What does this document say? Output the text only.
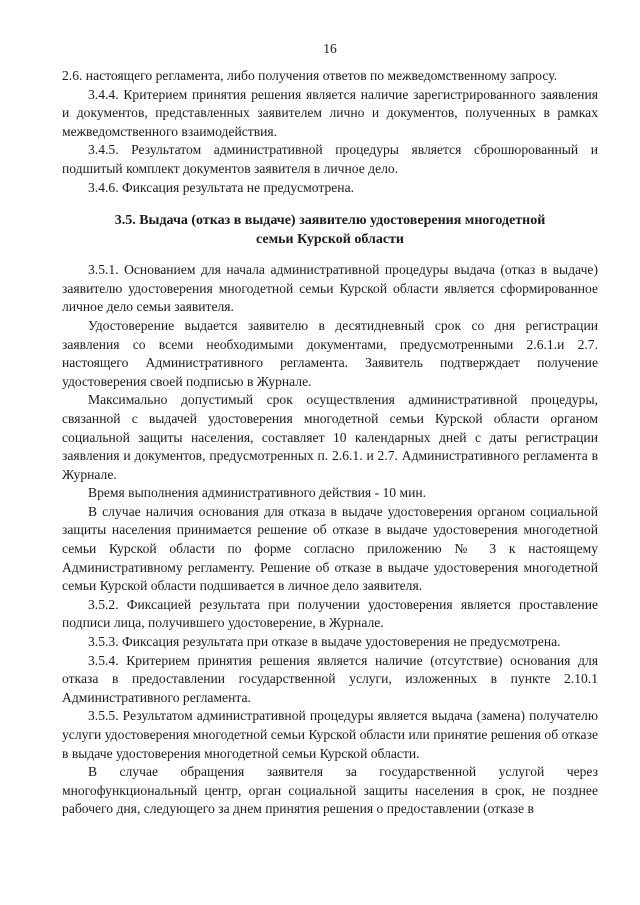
16

2.6. настоящего регламента, либо получения ответов по межведомственному запросу.

3.4.4. Критерием принятия решения является наличие зарегистрированного заявления и документов, представленных заявителем лично и документов, полученных в рамках межведомственного взаимодействия.

3.4.5. Результатом административной процедуры является сброшюрованный и подшитый комплект документов заявителя в личное дело.

3.4.6. Фиксация результата не предусмотрена.

3.5. Выдача (отказ в выдаче) заявителю удостоверения многодетной
семьи Курской области

3.5.1. Основанием для начала административной процедуры выдача (отказ в выдаче) заявителю удостоверения многодетной семьи Курской области является сформированное личное дело семьи заявителя.

Удостоверение выдается заявителю в десятидневный срок со дня регистрации заявления со всеми необходимыми документами, предусмотренными 2.6.1.и 2.7. настоящего Административного регламента. Заявитель подтверждает получение удостоверения своей подписью в Журнале.

Максимально допустимый срок осуществления административной процедуры, связанной с выдачей удостоверения многодетной семьи Курской области органом социальной защиты населения, составляет 10 календарных дней с даты регистрации заявления и документов, предусмотренных п. 2.6.1. и 2.7. Административного регламента в Журнале.

Время выполнения административного действия - 10 мин.

В случае наличия основания для отказа в выдаче удостоверения органом социальной защиты населения принимается решение об отказе в выдаче удостоверения многодетной семьи Курской области по форме согласно приложению № 3 к настоящему Административному регламенту. Решение об отказе в выдаче удостоверения многодетной семьи Курской области подшивается в личное дело заявителя.

3.5.2. Фиксацией результата при получении удостоверения является проставление подписи лица, получившего удостоверение, в Журнале.

3.5.3. Фиксация результата при отказе в выдаче удостоверения не предусмотрена.

3.5.4. Критерием принятия решения является наличие (отсутствие) основания для отказа в предоставлении государственной услуги, изложенных в пункте 2.10.1 Административного регламента.

3.5.5. Результатом административной процедуры является выдача (замена) получателю услуги удостоверения многодетной семьи Курской области или принятие решения об отказе в выдаче удостоверения многодетной семьи Курской области.

В случае обращения заявителя за государственной услугой через многофункциональный центр, орган социальной защиты населения в срок, не позднее рабочего дня, следующего за днем принятия решения о предоставлении (отказе в
